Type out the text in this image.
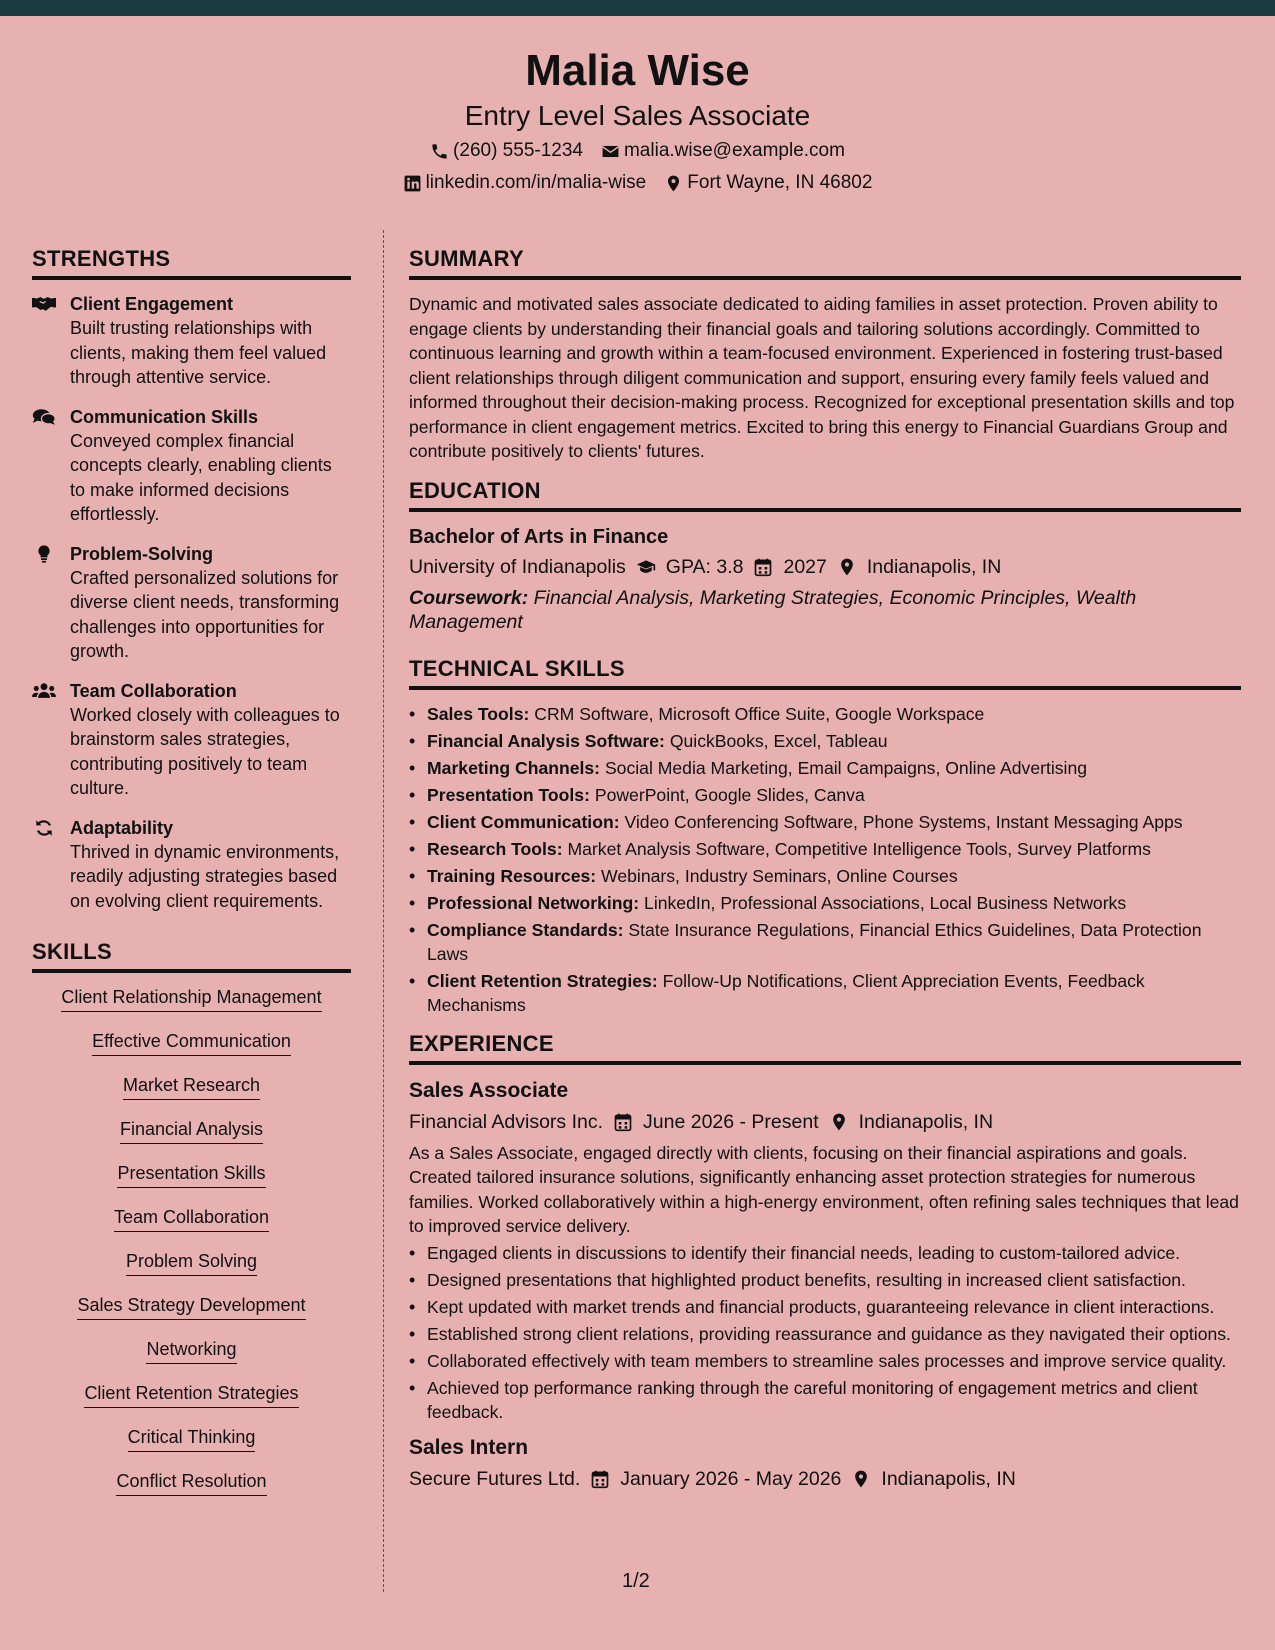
Malia Wise
Entry Level Sales Associate
(260) 555-1234 malia.wise@example.com
linkedin.com/in/malia-wise Fort Wayne, IN 46802
STRENGTHS
Client Engagement
Built trusting relationships with clients, making them feel valued through attentive service.
Communication Skills
Conveyed complex financial concepts clearly, enabling clients to make informed decisions effortlessly.
Problem-Solving
Crafted personalized solutions for diverse client needs, transforming challenges into opportunities for growth.
Team Collaboration
Worked closely with colleagues to brainstorm sales strategies, contributing positively to team culture.
Adaptability
Thrived in dynamic environments, readily adjusting strategies based on evolving client requirements.
SKILLS
Client Relationship Management
Effective Communication
Market Research
Financial Analysis
Presentation Skills
Team Collaboration
Problem Solving
Sales Strategy Development
Networking
Client Retention Strategies
Critical Thinking
Conflict Resolution
SUMMARY
Dynamic and motivated sales associate dedicated to aiding families in asset protection. Proven ability to engage clients by understanding their financial goals and tailoring solutions accordingly. Committed to continuous learning and growth within a team-focused environment. Experienced in fostering trust-based client relationships through diligent communication and support, ensuring every family feels valued and informed throughout their decision-making process. Recognized for exceptional presentation skills and top performance in client engagement metrics. Excited to bring this energy to Financial Guardians Group and contribute positively to clients' futures.
EDUCATION
Bachelor of Arts in Finance
University of Indianapolis GPA: 3.8 2027 Indianapolis, IN
Coursework: Financial Analysis, Marketing Strategies, Economic Principles, Wealth Management
TECHNICAL SKILLS
• Sales Tools: CRM Software, Microsoft Office Suite, Google Workspace
• Financial Analysis Software: QuickBooks, Excel, Tableau
• Marketing Channels: Social Media Marketing, Email Campaigns, Online Advertising
• Presentation Tools: PowerPoint, Google Slides, Canva
• Client Communication: Video Conferencing Software, Phone Systems, Instant Messaging Apps
• Research Tools: Market Analysis Software, Competitive Intelligence Tools, Survey Platforms
• Training Resources: Webinars, Industry Seminars, Online Courses
• Professional Networking: LinkedIn, Professional Associations, Local Business Networks
• Compliance Standards: State Insurance Regulations, Financial Ethics Guidelines, Data Protection Laws
• Client Retention Strategies: Follow-Up Notifications, Client Appreciation Events, Feedback Mechanisms
EXPERIENCE
Sales Associate
Financial Advisors Inc. June 2026 - Present Indianapolis, IN
As a Sales Associate, engaged directly with clients, focusing on their financial aspirations and goals. Created tailored insurance solutions, significantly enhancing asset protection strategies for numerous families. Worked collaboratively within a high-energy environment, often refining sales techniques that lead to improved service delivery.
• Engaged clients in discussions to identify their financial needs, leading to custom-tailored advice.
• Designed presentations that highlighted product benefits, resulting in increased client satisfaction.
• Kept updated with market trends and financial products, guaranteeing relevance in client interactions.
• Established strong client relations, providing reassurance and guidance as they navigated their options.
• Collaborated effectively with team members to streamline sales processes and improve service quality.
• Achieved top performance ranking through the careful monitoring of engagement metrics and client feedback.
Sales Intern
Secure Futures Ltd. January 2026 - May 2026 Indianapolis, IN
1/2
